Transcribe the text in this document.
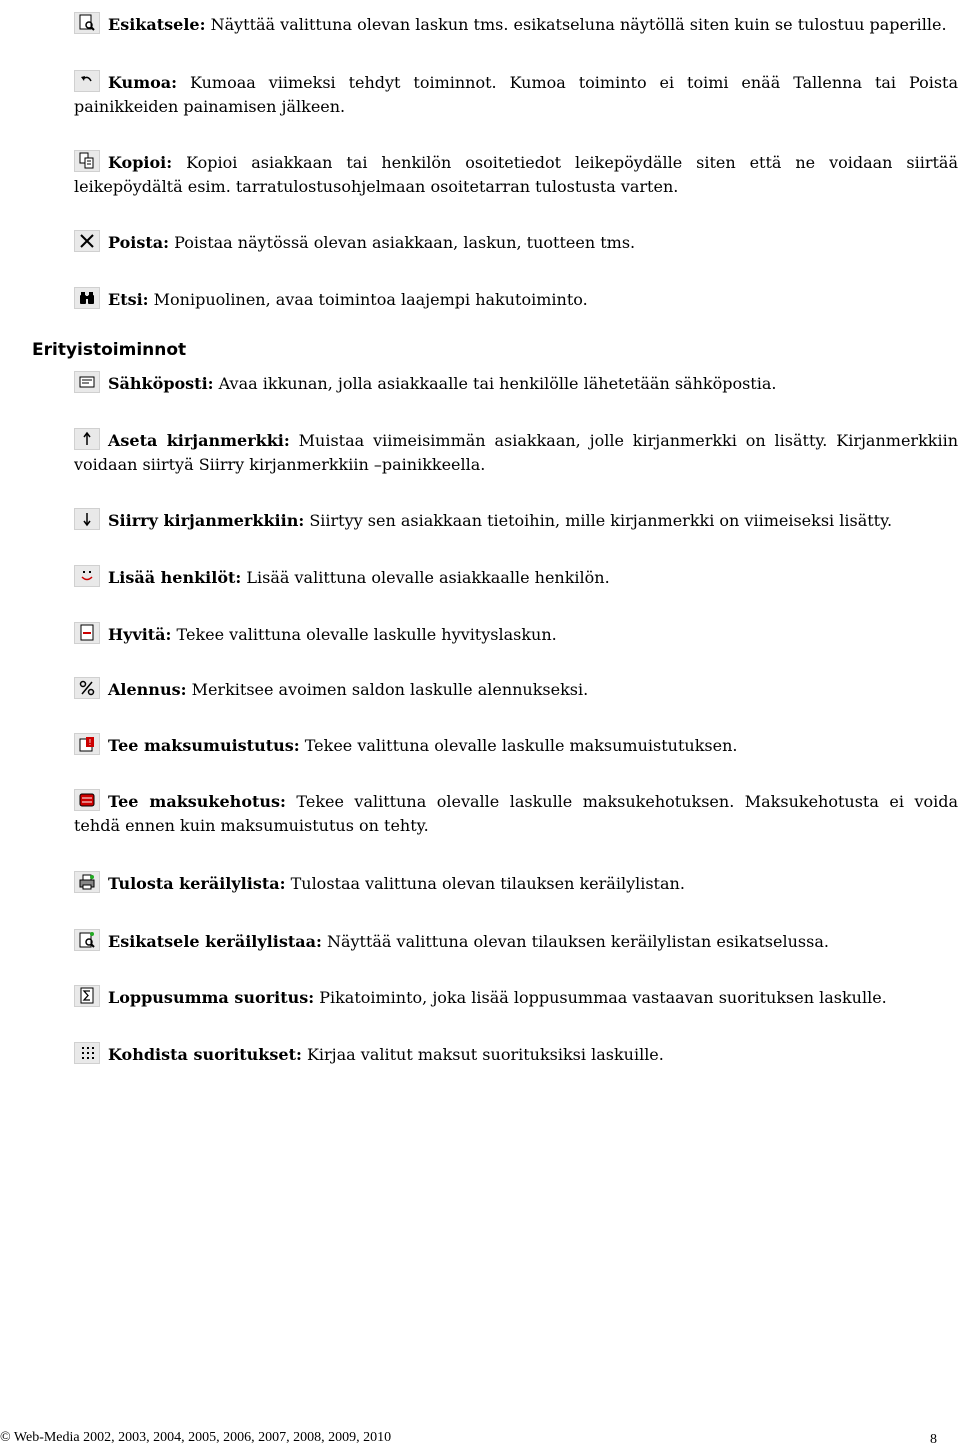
Esikatsele: Näyttää valittuna olevan laskun tms. esikatseluna näytöllä siten kuin se tulostuu paperille.
Kumoa: Kumoaa viimeksi tehdyt toiminnot. Kumoa toiminto ei toimi enää Tallenna tai Poista painikkeiden painamisen jälkeen.
Kopioi: Kopioi asiakkaan tai henkilön osoitetiedot leikepöydälle siten että ne voidaan siirtää leikepöydältä esim. tarratulostusohjelmaan osoitetarran tulostusta varten.
Poista: Poistaa näytössä olevan asiakkaan, laskun, tuotteen tms.
Etsi: Monipuolinen, avaa toimintoa laajempi hakutoiminto.
Erityistoiminnot
Sähköposti: Avaa ikkunan, jolla asiakkaalle tai henkilölle lähetetään sähköpostia.
Aseta kirjanmerkki: Muistaa viimeisimmän asiakkaan, jolle kirjanmerkki on lisätty. Kirjanmerkkiin voidaan siirtyä Siirry kirjanmerkkiin –painikkeella.
Siirry kirjanmerkkiin: Siirtyy sen asiakkaan tietoihin, mille kirjanmerkki on viimeiseksi lisätty.
Lisää henkilöt: Lisää valittuna olevalle asiakkaalle henkilön.
Hyvitä: Tekee valittuna olevalle laskulle hyvityslaskun.
Alennus: Merkitsee avoimen saldon laskulle alennukseksi.
! Tee maksumuistutus: Tekee valittuna olevalle laskulle maksumuistutuksen.
Tee maksukehotus: Tekee valittuna olevalle laskulle maksukehotuksen. Maksukehotusta ei voida tehdä ennen kuin maksumuistutus on tehty.
Tulosta keräilylista: Tulostaa valittuna olevan tilauksen keräilylistan.
Esikatsele keräilylistaa: Näyttää valittuna olevan tilauksen keräilylistan esikatselussa.
Loppusumma suoritus: Pikatoiminto, joka lisää loppusummaa vastaavan suorituksen laskulle.
Kohdista suoritukset: Kirjaa valitut maksut suorituksiksi laskuille.
© Web-Media 2002, 2003, 2004, 2005, 2006, 2007, 2008, 2009, 2010	8
